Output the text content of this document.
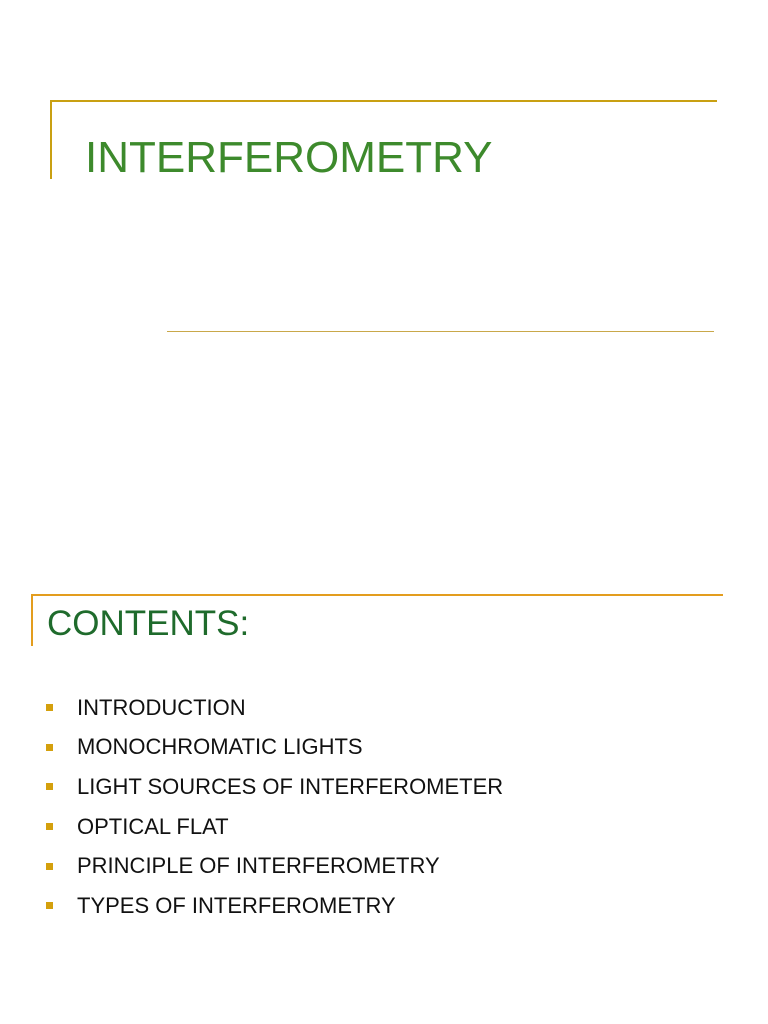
INTERFEROMETRY
CONTENTS:
INTRODUCTION
MONOCHROMATIC LIGHTS
LIGHT SOURCES OF INTERFEROMETER
OPTICAL FLAT
PRINCIPLE OF INTERFEROMETRY
TYPES OF INTERFEROMETRY
